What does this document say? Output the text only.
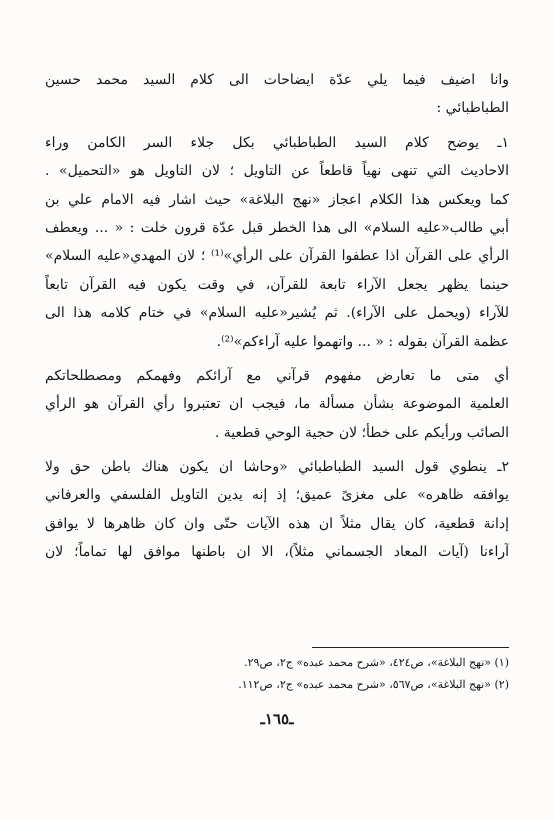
وانا اضيف فيما يلي عدّة ايضاحات الى كلام السيد محمد حسين
الطباطبائي :
١ـ يوضح كلام السيد الطباطبائي بكل جلاء السر الكامن وراء
الاحاديث التي تنهى نهياً قاطعاً عن التاويل ؛ لان التاويل هو «التحميل» .
كما ويعكس هذا الكلام اعجاز «نهج البلاغة» حيث اشار فيه الامام علي بن
أبي طالب«عليه السلام» الى هذا الخطر قبل عدّة قرون خلت : « ... ويعطف
الرأي على القرآن اذا عطفوا القرآن على الرأي»⁽¹⁾ ؛ لان المهدي«عليه السلام»
حينما يظهر يجعل الآراء تابعة للقرآن، في وقت يكون فيه القرآن تابعاً
للآراء (ويحمل على الآراء). ثم يُشير«عليه السلام» في ختام كلامه هذا الى
عظمة القرآن بقوله : « ... واتهموا عليه آراءكم»⁽²⁾.
أي متى ما تعارض مفهوم قرآني مع آرائكم وفهمكم ومصطلحاتكم
العلمية الموضوعة بشأن مسألة ما، فيجب ان تعتبروا رأي القرآن هو الرأي
الصائب ورأيكم على خطأ؛ لان حجية الوحي قطعية .
٢ـ ينطوي قول السيد الطباطبائي «وحاشا ان يكون هناك باطن حق ولا
يوافقه ظاهره» على مغزىً عميق؛ إذ إنه يدين التاويل الفلسفي والعرفاني
إدانة قطعية، كان يقال مثلاً ان هذه الآيات حتّى وان كان ظاهرها لا يوافق
آراءنا (آيات المعاد الجسماني مثلاً)، الا ان باطنها موافق لها تماماً؛ لان
(١) «نهج البلاغة»، ص٤٢٤، «شرح محمد عبده» ج٢، ص٢٩.
(٢) «نهج البلاغة»، ص٥٦٧، «شرح محمد عبده» ج٢، ص١١٢.
ـ١٦٥ـ
